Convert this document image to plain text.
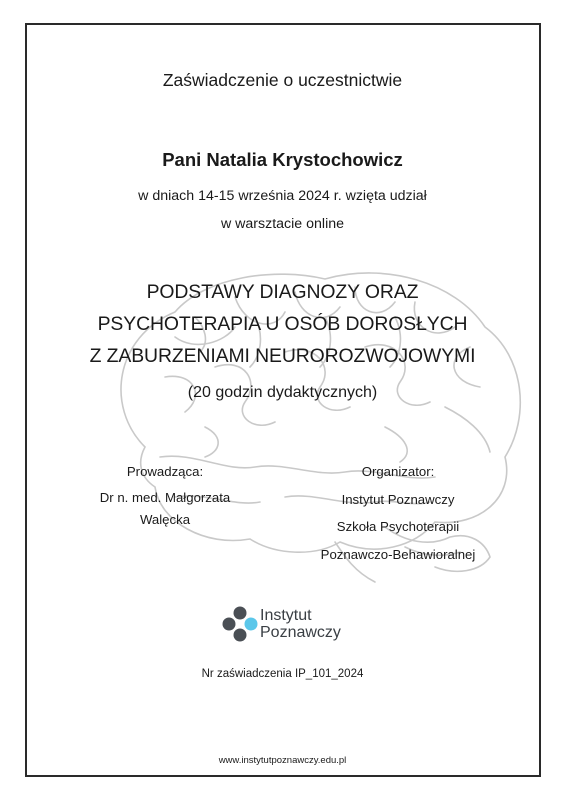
Zaświadczenie o uczestnictwie
Pani Natalia Krystochowicz
w dniach 14-15 września 2024 r. wzięta udział
w warsztacie online
PODSTAWY DIAGNOZY ORAZ
PSYCHOTERAPIA U OSÓB DOROSŁYCH
Z ZABURZENIAMI NEUROROZWOJOWYMI
(20 godzin dydaktycznych)
Prowadząca:
Dr n. med. Małgorzata
Walęcka
Organizator:
Instytut Poznawczy
Szkoła Psychoterapii
Poznawczo-Behawioralnej
Instytut
Poznawczy
Nr zaświadczenia IP_101_2024
www.instytutpoznawczy.edu.pl
